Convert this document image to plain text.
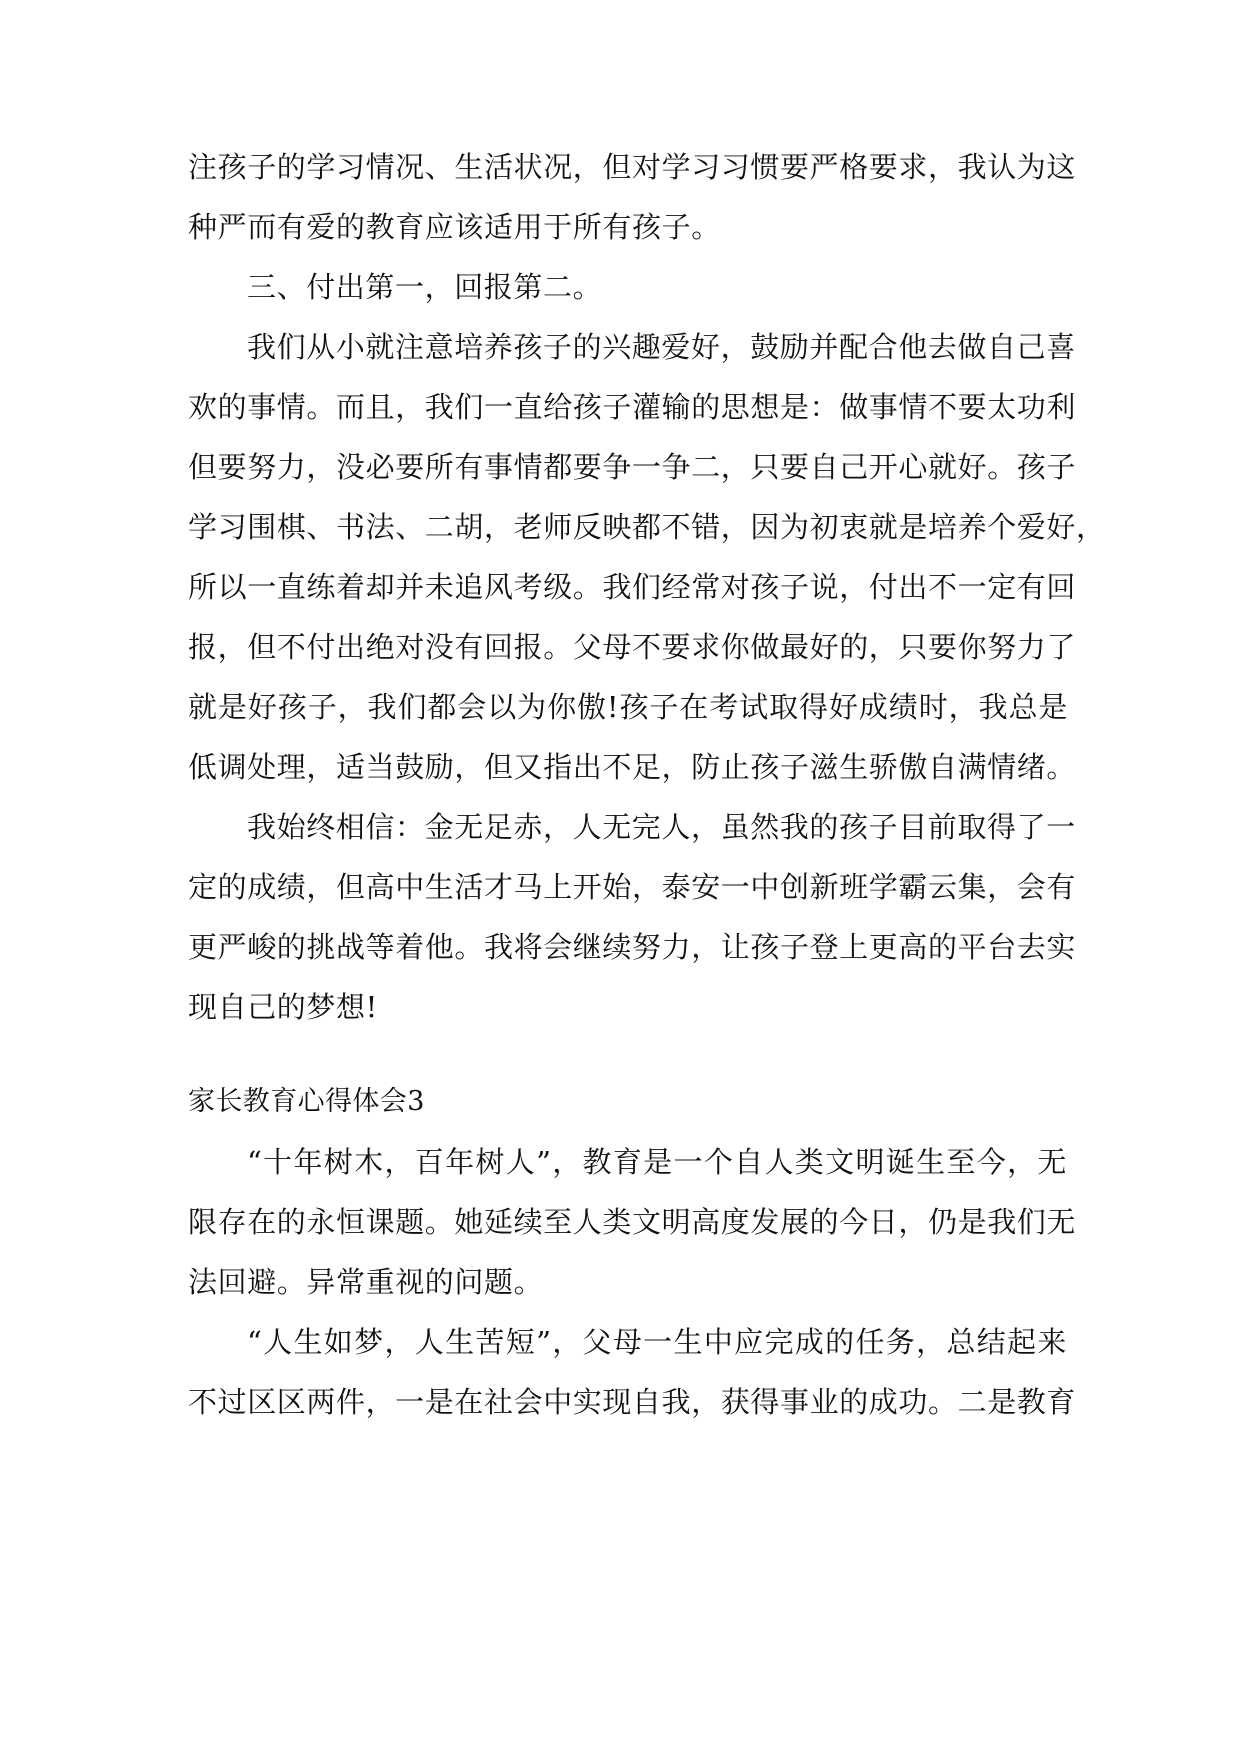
注孩子的学习情况、生活状况，但对学习习惯要严格要求，我认为这
种严而有爱的教育应该适用于所有孩子。
三、付出第一，回报第二。
我们从小就注意培养孩子的兴趣爱好，鼓励并配合他去做自己喜
欢的事情。而且，我们一直给孩子灌输的思想是：做事情不要太功利
但要努力，没必要所有事情都要争一争二，只要自己开心就好。孩子
学习围棋、书法、二胡，老师反映都不错，因为初衷就是培养个爱好，
所以一直练着却并未追风考级。我们经常对孩子说，付出不一定有回
报，但不付出绝对没有回报。父母不要求你做最好的，只要你努力了
就是好孩子，我们都会以为你傲!孩子在考试取得好成绩时，我总是
低调处理，适当鼓励，但又指出不足，防止孩子滋生骄傲自满情绪。
我始终相信：金无足赤，人无完人，虽然我的孩子目前取得了一
定的成绩，但高中生活才马上开始，泰安一中创新班学霸云集，会有
更严峻的挑战等着他。我将会继续努力，让孩子登上更高的平台去实
现自己的梦想!
家长教育心得体会3
“十年树木，百年树人”，教育是一个自人类文明诞生至今，无
限存在的永恒课题。她延续至人类文明高度发展的今日，仍是我们无
法回避。异常重视的问题。
“人生如梦，人生苦短”，父母一生中应完成的任务，总结起来
不过区区两件，一是在社会中实现自我，获得事业的成功。二是教育
